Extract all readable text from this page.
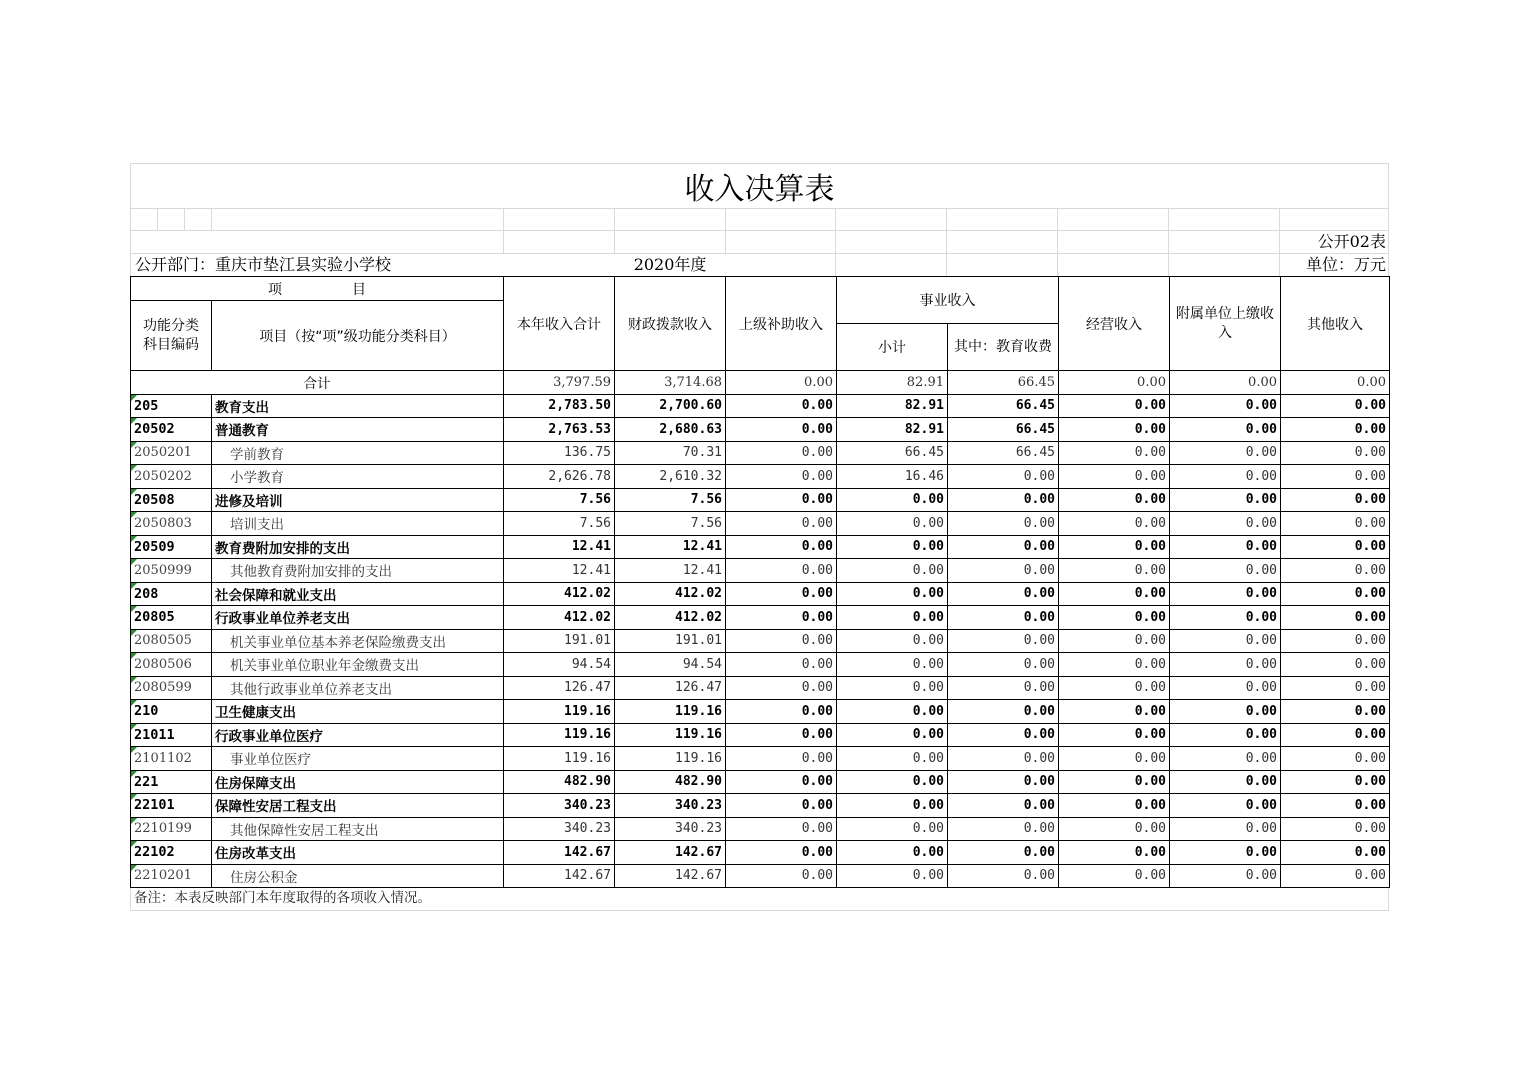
收入决算表
公开02表
公开部门：重庆市垫江县实验小学校	2020年度	单位：万元
项　　　　　目		本年收入合计	财政拨款收入	上级补助收入	事业收入		经营收入	附属单位上缴收入	其他收入
功能分类科目编码	项目（按“项”级功能分类科目）								
					小计	其中：教育收费			
合计		3,797.59	3,714.68	0.00	82.91	66.45	0.00	0.00	0.00

205	教育支出	2,783.50	2,700.60	0.00	82.91	66.45	0.00	0.00	0.00

20502	普通教育	2,763.53	2,680.63	0.00	82.91	66.45	0.00	0.00	0.00

2050201	学前教育	136.75	70.31	0.00	66.45	66.45	0.00	0.00	0.00

2050202	小学教育	2,626.78	2,610.32	0.00	16.46	0.00	0.00	0.00	0.00

20508	进修及培训	7.56	7.56	0.00	0.00	0.00	0.00	0.00	0.00

2050803	培训支出	7.56	7.56	0.00	0.00	0.00	0.00	0.00	0.00

20509	教育费附加安排的支出	12.41	12.41	0.00	0.00	0.00	0.00	0.00	0.00

2050999	其他教育费附加安排的支出	12.41	12.41	0.00	0.00	0.00	0.00	0.00	0.00

208	社会保障和就业支出	412.02	412.02	0.00	0.00	0.00	0.00	0.00	0.00

20805	行政事业单位养老支出	412.02	412.02	0.00	0.00	0.00	0.00	0.00	0.00

2080505	机关事业单位基本养老保险缴费支出	191.01	191.01	0.00	0.00	0.00	0.00	0.00	0.00

2080506	机关事业单位职业年金缴费支出	94.54	94.54	0.00	0.00	0.00	0.00	0.00	0.00

2080599	其他行政事业单位养老支出	126.47	126.47	0.00	0.00	0.00	0.00	0.00	0.00

210	卫生健康支出	119.16	119.16	0.00	0.00	0.00	0.00	0.00	0.00

21011	行政事业单位医疗	119.16	119.16	0.00	0.00	0.00	0.00	0.00	0.00

2101102	事业单位医疗	119.16	119.16	0.00	0.00	0.00	0.00	0.00	0.00

221	住房保障支出	482.90	482.90	0.00	0.00	0.00	0.00	0.00	0.00

22101	保障性安居工程支出	340.23	340.23	0.00	0.00	0.00	0.00	0.00	0.00

2210199	其他保障性安居工程支出	340.23	340.23	0.00	0.00	0.00	0.00	0.00	0.00

22102	住房改革支出	142.67	142.67	0.00	0.00	0.00	0.00	0.00	0.00

2210201	住房公积金	142.67	142.67	0.00	0.00	0.00	0.00	0.00	0.00
备注：本表反映部门本年度取得的各项收入情况。
